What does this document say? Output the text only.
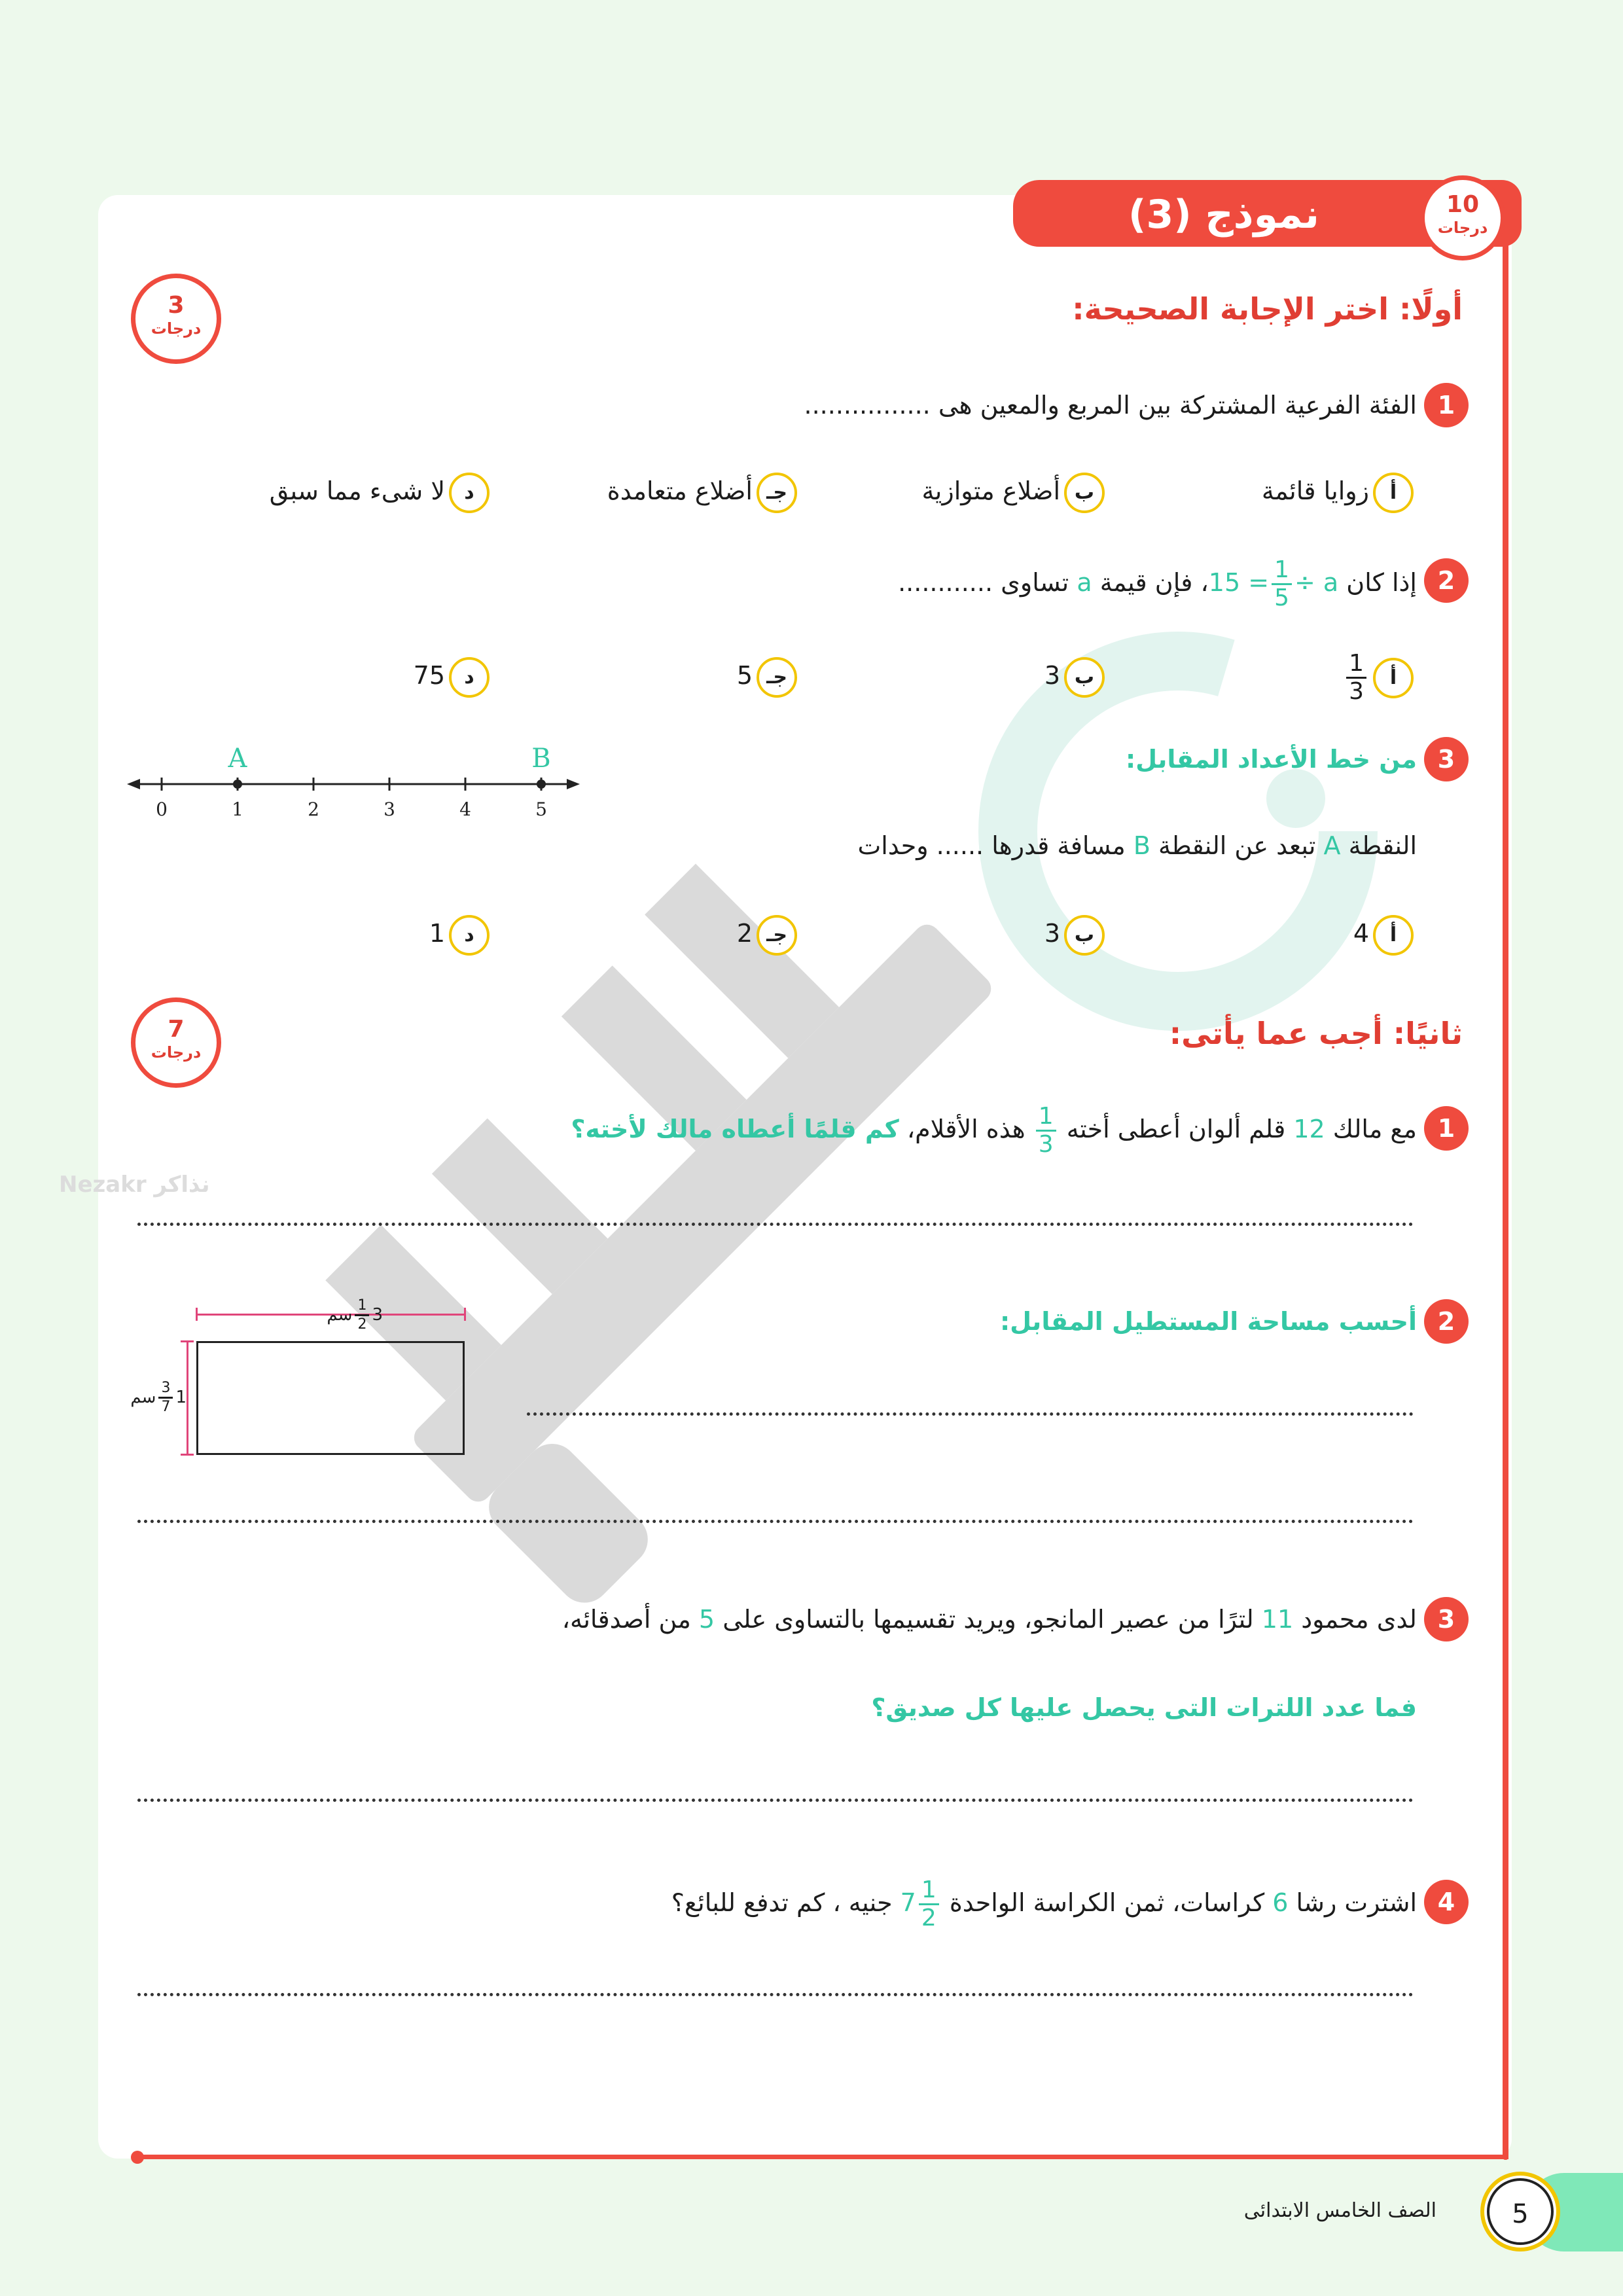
Nezakr نذاكر
نموذج (3)	10
درجات
أولًا: اختر الإجابة الصحيحة:
3
درجات
1
الفئة الفرعية المشتركة بين المربع والمعين هى ................
أزوايا قائمة
بأضلاع متوازية
جـأضلاع متعامدة
دلا شىء مما سبق
2
إذا كان $15 = \frac{1}{5}$ ÷ a، فإن قيمة a تساوى ............
أ
$\frac{1}{3}$
ب3
جـ5
د75
3
من خط الأعداد المقابل:
0	1	2	3	4	5
A	B
النقطة A تبعد عن النقطة B مسافة قدرها ...... وحدات
أ4
ب3
جـ2
د1
ثانيًا: أجب عما يأتى:
7
درجات
1
مع مالك 12 قلم ألوان أعطى أخته
$\frac{1}{3}$
هذه الأقلام، كم قلمًا أعطاه مالك لأخته؟
2
أحسب مساحة المستطيل المقابل:
3
$\frac{1}{2}$
سم
1
$\frac{3}{7}$
سم
3
لدى محمود 11 لترًا من عصير المانجو، ويريد تقسيمها بالتساوى على 5 من أصدقائه،
فما عدد اللترات التى يحصل عليها كل صديق؟
4
اشترت رشا 6 كراسات، ثمن الكراسة الواحدة $7 \frac{1}{2}$
جنيه ، كم تدفع للبائع؟
5
الصف الخامس الابتدائى
